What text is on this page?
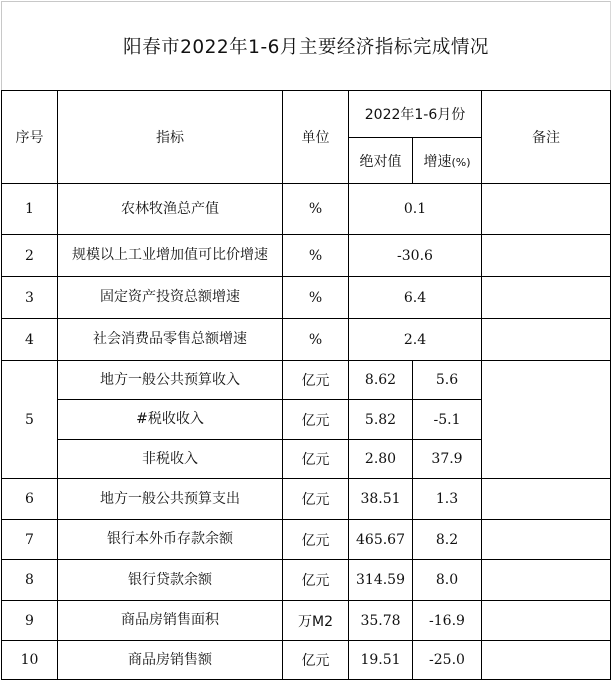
阳春市2022年1-6月主要经济指标完成情况
序号	指标	单位	2022年1-6月份		备注
			绝对值	增速(%)	
1	农林牧渔总产值	%	0.1		
2	规模以上工业增加值可比价增速	%	-30.6		
3	固定资产投资总额增速	%	6.4		
4	社会消费品零售总额增速	%	2.4		
5	地方一般公共预算收入	亿元	8.62	5.6	
	#税收收入	亿元	5.82	-5.1	
	非税收入	亿元	2.80	37.9	
6	地方一般公共预算支出	亿元	38.51	1.3	
7	银行本外币存款余额	亿元	465.67	8.2	
8	银行贷款余额	亿元	314.59	8.0	
9	商品房销售面积	万M2	35.78	-16.9	
10	商品房销售额	亿元	19.51	-25.0	
